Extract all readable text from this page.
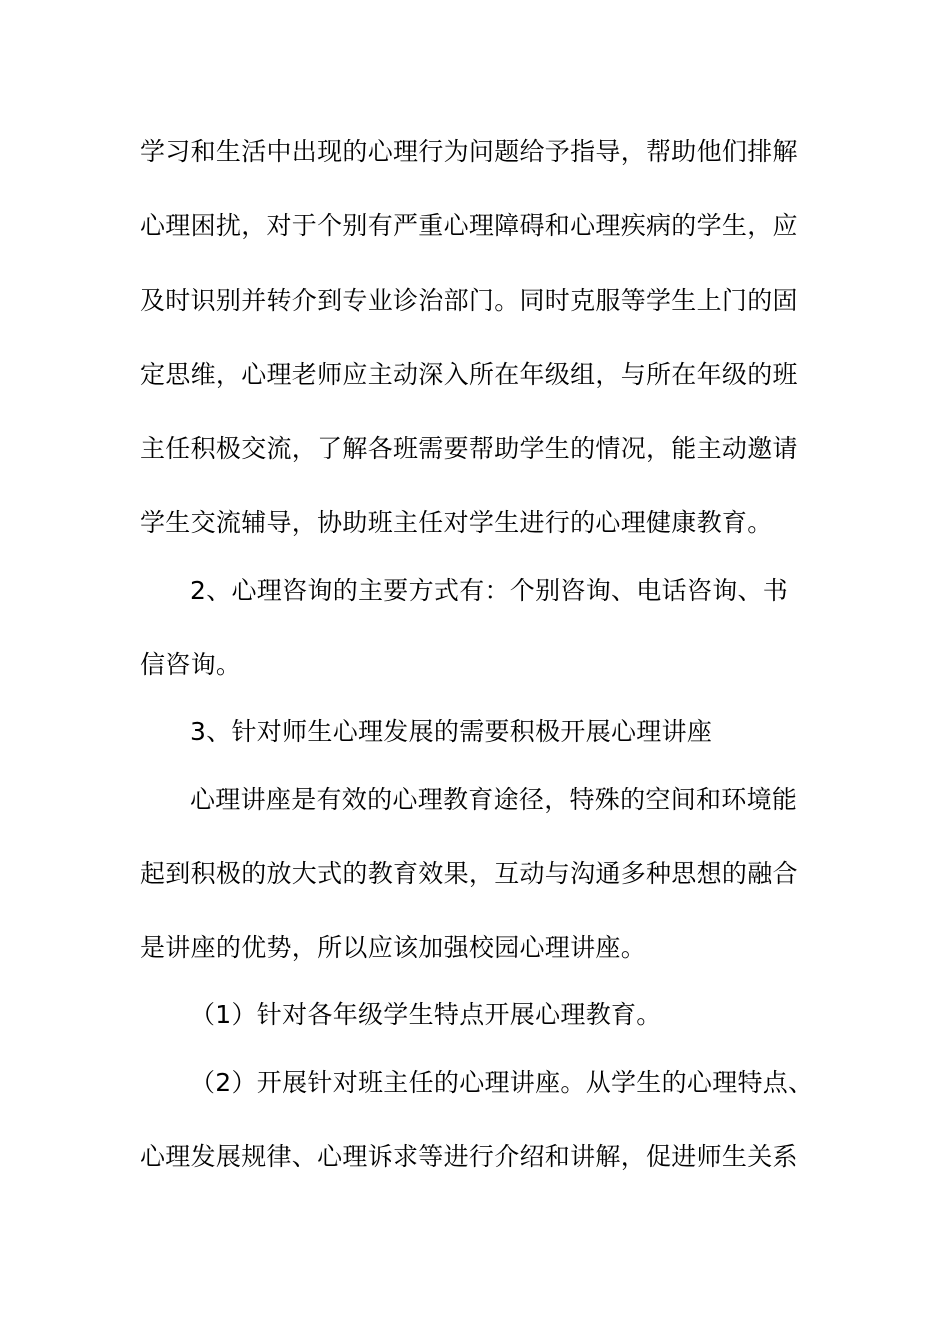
学习和生活中出现的心理行为问题给予指导，帮助他们排解
心理困扰，对于个别有严重心理障碍和心理疾病的学生，应
及时识别并转介到专业诊治部门。同时克服等学生上门的固
定思维，心理老师应主动深入所在年级组，与所在年级的班
主任积极交流，了解各班需要帮助学生的情况，能主动邀请
学生交流辅导，协助班主任对学生进行的心理健康教育。
2、心理咨询的主要方式有：个别咨询、电话咨询、书
信咨询。
3、针对师生心理发展的需要积极开展心理讲座
心理讲座是有效的心理教育途径，特殊的空间和环境能
起到积极的放大式的教育效果，互动与沟通多种思想的融合
是讲座的优势，所以应该加强校园心理讲座。
（1）针对各年级学生特点开展心理教育。
（2）开展针对班主任的心理讲座。从学生的心理特点、
心理发展规律、心理诉求等进行介绍和讲解，促进师生关系
